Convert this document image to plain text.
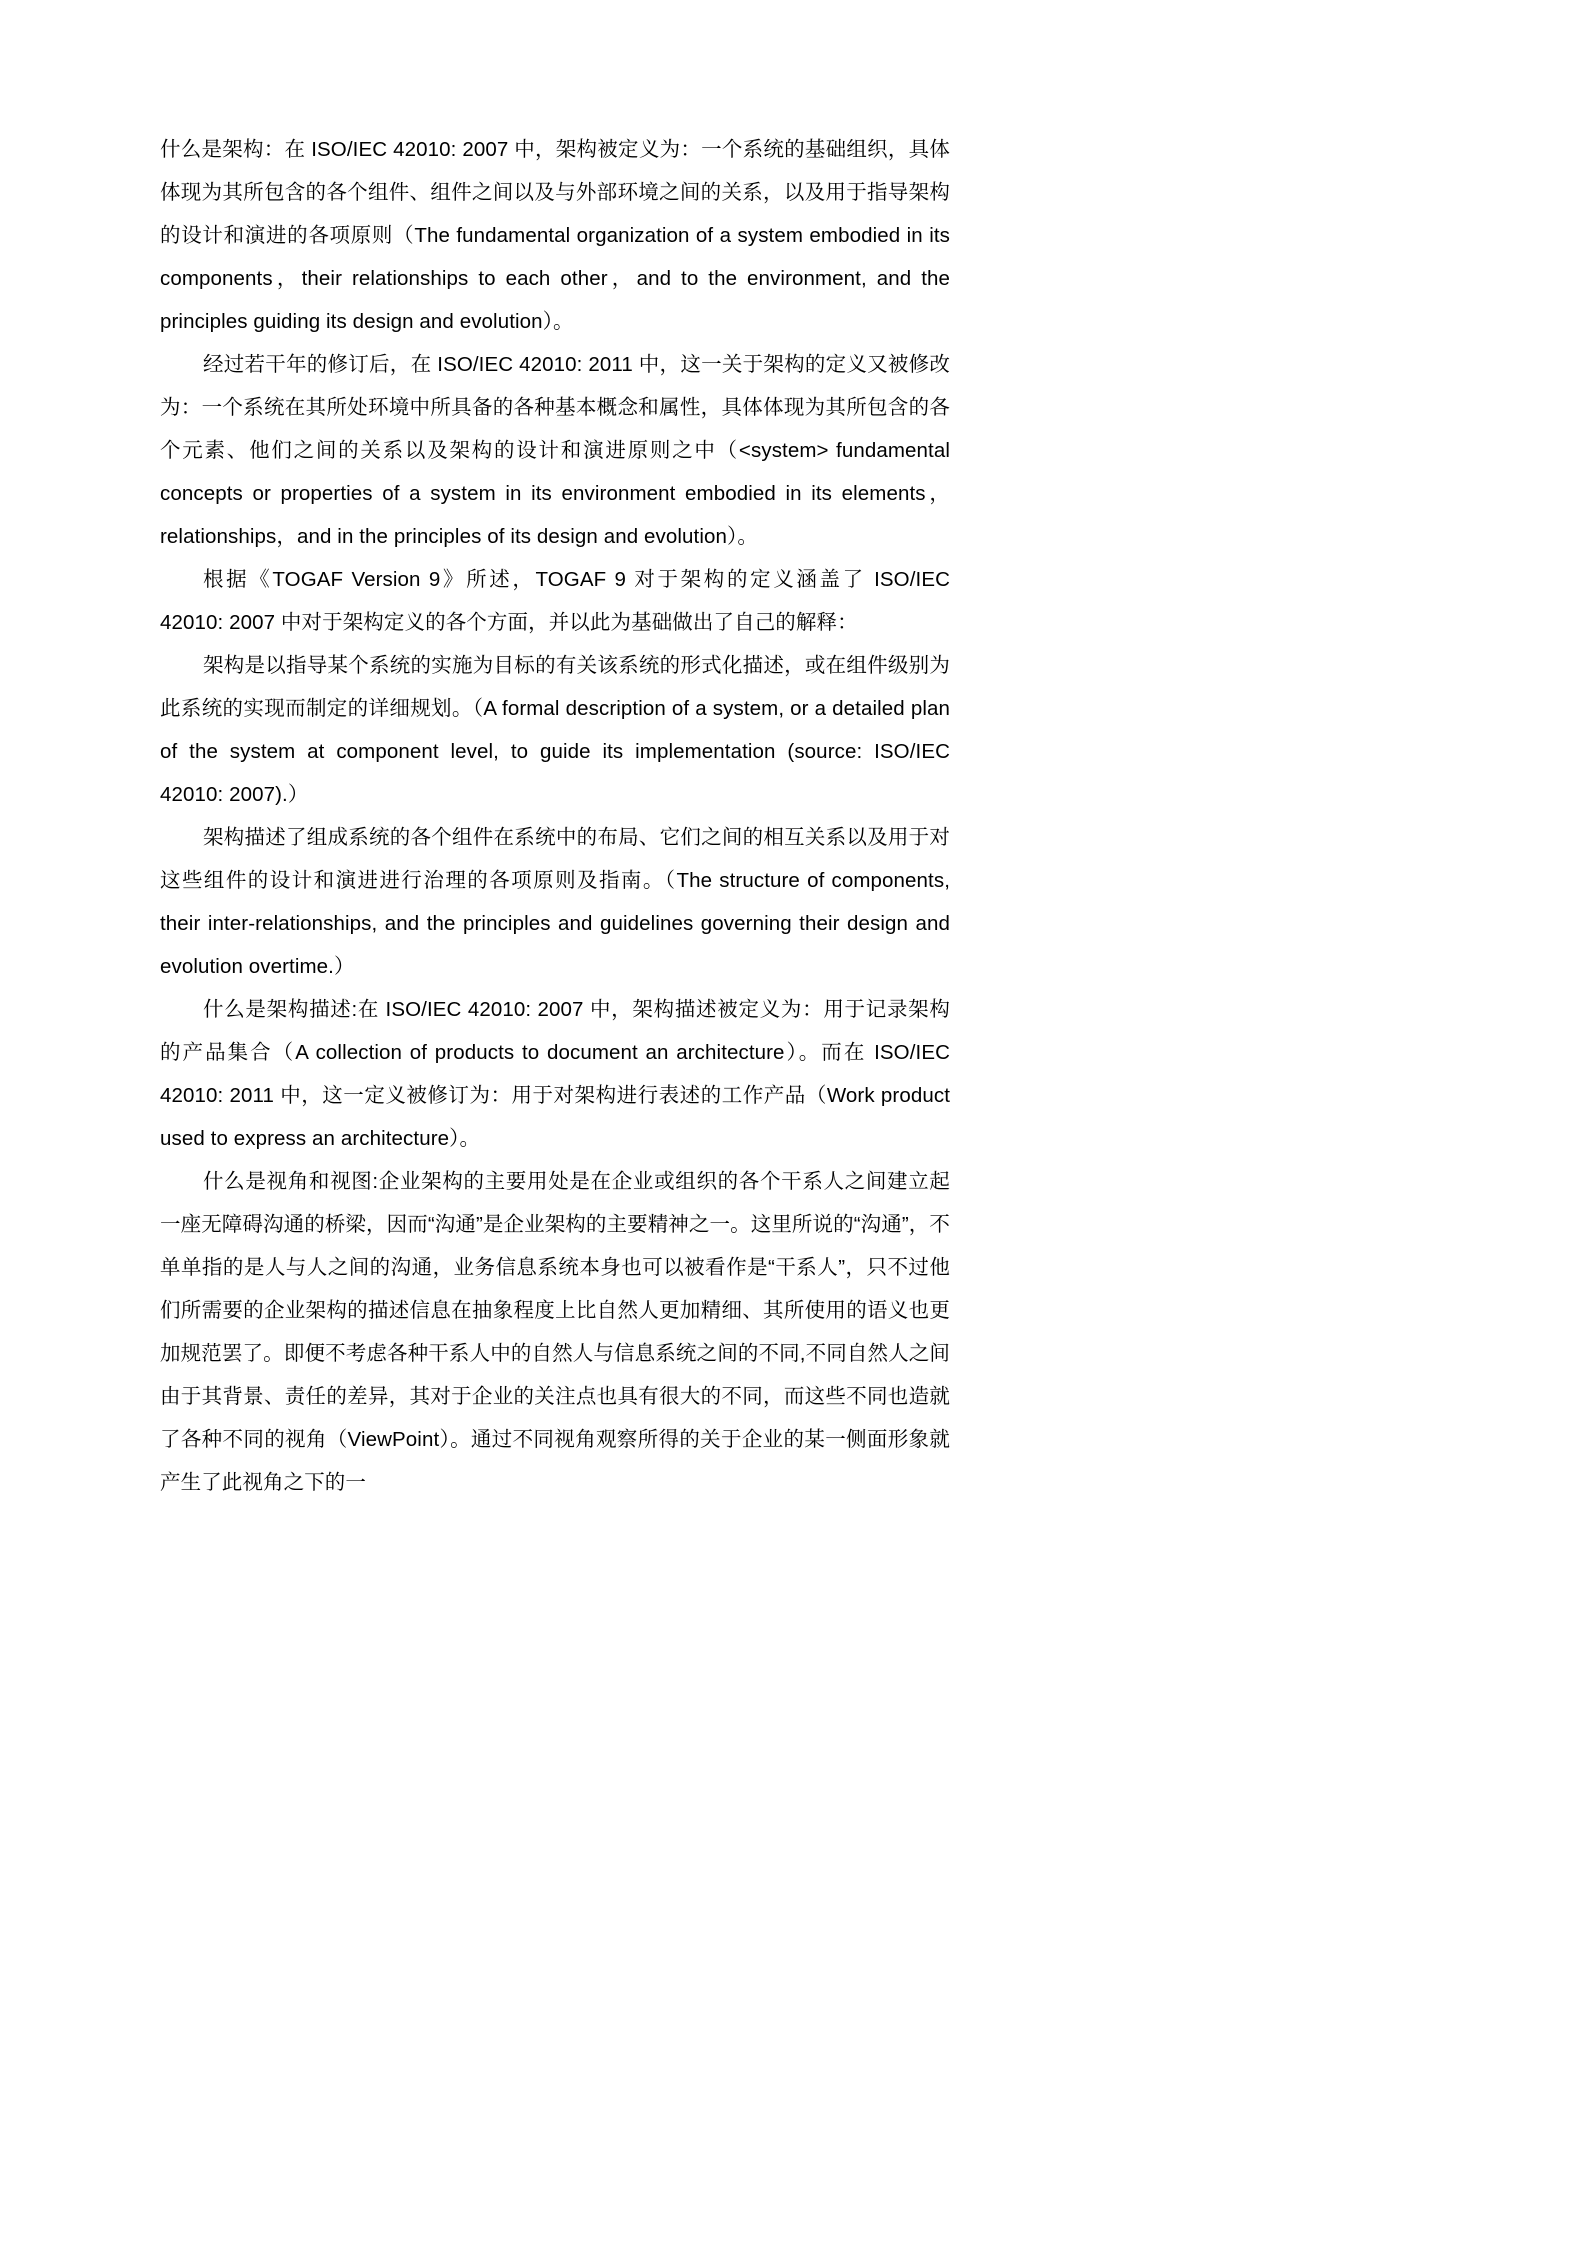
什么是架构：在 ISO/IEC 42010: 2007 中，架构被定义为：一个系统的基础组织，具体体现为其所包含的各个组件、组件之间以及与外部环境之间的关系，以及用于指导架构的设计和演进的各项原则（The fundamental organization of a system embodied in its components，their relationships to each other，and to the environment, and the principles guiding its design and evolution）。

经过若干年的修订后，在 ISO/IEC 42010: 2011 中，这一关于架构的定义又被修改为：一个系统在其所处环境中所具备的各种基本概念和属性，具体体现为其所包含的各个元素、他们之间的关系以及架构的设计和演进原则之中（<system> fundamental concepts or properties of a system in its environment embodied in its elements，relationships，and in the principles of its design and evolution）。

根据《TOGAF Version 9》所述，TOGAF 9 对于架构的定义涵盖了 ISO/IEC 42010: 2007 中对于架构定义的各个方面，并以此为基础做出了自己的解释：

架构是以指导某个系统的实施为目标的有关该系统的形式化描述，或在组件级别为此系统的实现而制定的详细规划。（A formal description of a system, or a detailed plan of the system at component level, to guide its implementation (source: ISO/IEC 42010: 2007).）

架构描述了组成系统的各个组件在系统中的布局、它们之间的相互关系以及用于对这些组件的设计和演进进行治理的各项原则及指南。（The structure of components, their inter-relationships, and the principles and guidelines governing their design and evolution overtime.）

什么是架构描述:在 ISO/IEC 42010: 2007 中，架构描述被定义为：用于记录架构的产品集合（A collection of products to document an architecture）。而在 ISO/IEC 42010: 2011 中，这一定义被修订为：用于对架构进行表述的工作产品（Work product used to express an architecture）。

什么是视角和视图:企业架构的主要用处是在企业或组织的各个干系人之间建立起一座无障碍沟通的桥梁，因而“沟通”是企业架构的主要精神之一。这里所说的“沟通”，不单单指的是人与人之间的沟通，业务信息系统本身也可以被看作是“干系人”，只不过他们所需要的企业架构的描述信息在抽象程度上比自然人更加精细、其所使用的语义也更加规范罢了。即便不考虑各种干系人中的自然人与信息系统之间的不同,不同自然人之间由于其背景、责任的差异，其对于企业的关注点也具有很大的不同，而这些不同也造就了各种不同的视角（ViewPoint）。通过不同视角观察所得的关于企业的某一侧面形象就产生了此视角之下的一
